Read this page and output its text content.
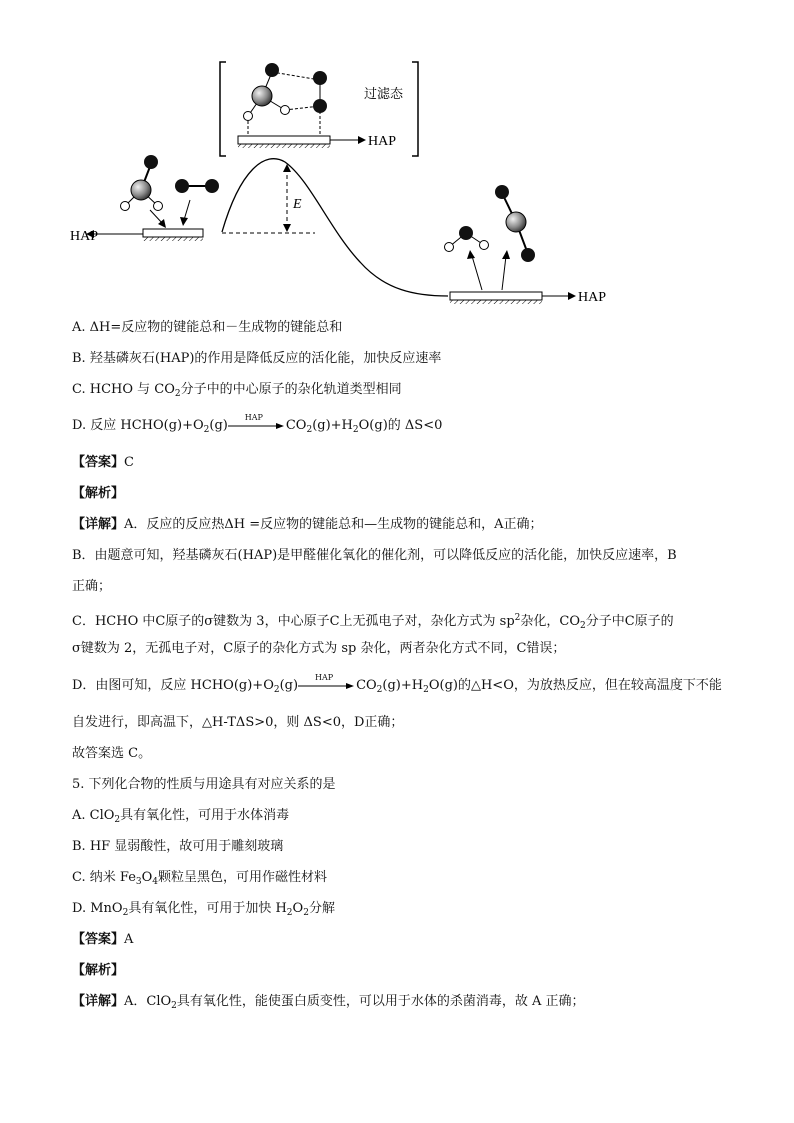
E
过滤态
HAP
HAP
HAP
A. ΔH=反应物的键能总和－生成物的键能总和
B. 羟基磷灰石(HAP)的作用是降低反应的活化能，加快反应速率
C. HCHO 与 $CO_2$分子中的中心原子的杂化轨道类型相同
D. 反应 $HCHO(g)+O_2(g)$
HAP
$CO_2(g)+H_2O(g)$的 ΔS<0
【答案】C
【解析】
【详解】A．反应的反应热ΔH =反应物的键能总和—生成物的键能总和，A正确；
B．由题意可知，羟基磷灰石(HAP)是甲醛催化氧化的催化剂，可以降低反应的活化能，加快反应速率，B
正确；
C．HCHO 中C原子的σ键数为 3，中心原子C上无孤电子对，杂化方式为 $sp^2$杂化，$CO_2$分子中C原子的
σ键数为 2，无孤电子对，C原子的杂化方式为 sp 杂化，两者杂化方式不同，C错误；
D．由图可知，反应 $HCHO(g)+O_2(g)$
HAP
$CO_2(g)+H_2O(g)$的△H<O，为放热反应，但在较高温度下不能
自发进行，即高温下，△H-TΔS>0，则 ΔS<0，D正确；
故答案选 C。
5. 下列化合物的性质与用途具有对应关系的是
A. ClO$_2$具有氧化性，可用于水体消毒
B. HF 显弱酸性，故可用于雕刻玻璃
C. 纳米 $Fe_3O_4$颗粒呈黑色，可用作磁性材料
D. MnO$_2$具有氧化性，可用于加快 $H_2O_2$分解
【答案】A
【解析】
【详解】A．ClO$_2$具有氧化性，能使蛋白质变性，可以用于水体的杀菌消毒，故 A 正确；
